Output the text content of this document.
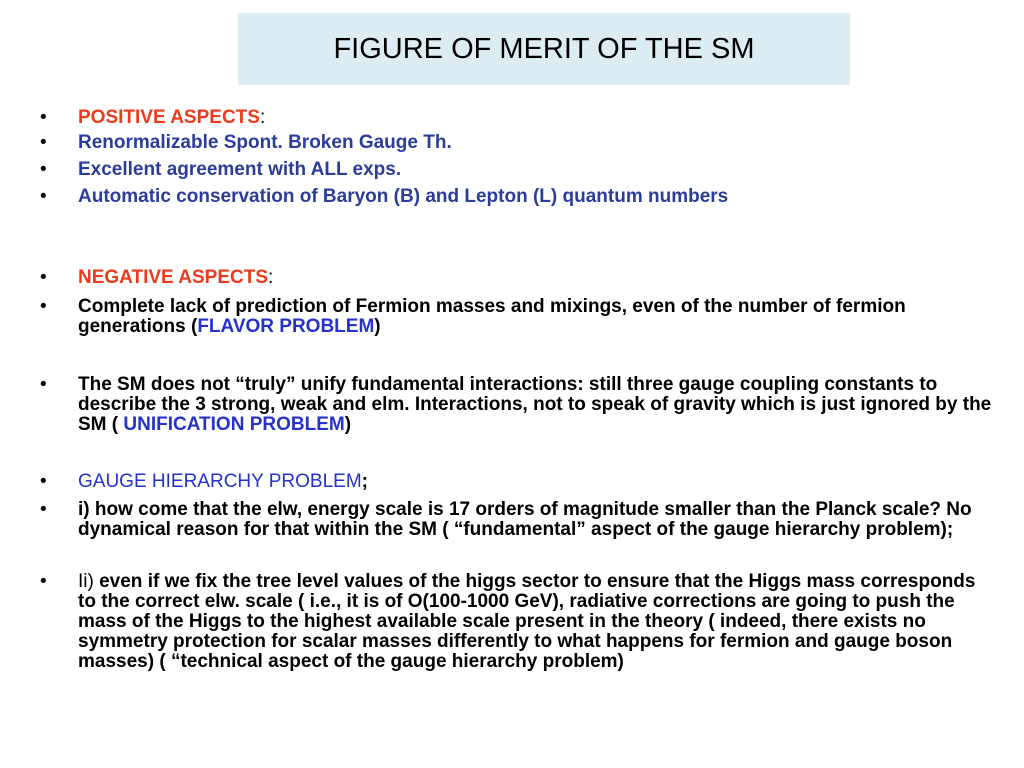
FIGURE OF MERIT OF THE SM
• POSITIVE ASPECTS:
• Renormalizable Spont. Broken Gauge Th.
• Excellent agreement with ALL exps.
• Automatic conservation of Baryon (B) and Lepton (L) quantum numbers
• NEGATIVE ASPECTS:
• Complete lack of prediction of Fermion masses and mixings, even of the number of fermion generations (FLAVOR PROBLEM)
• The SM does not “truly” unify fundamental interactions: still three gauge coupling constants to describe the 3 strong, weak and elm. Interactions, not to speak of gravity which is just ignored by the SM ( UNIFICATION PROBLEM)
• GAUGE HIERARCHY PROBLEM;
• i) how come that the elw, energy scale is 17 orders of magnitude smaller than the Planck scale? No dynamical reason for that within the SM ( “fundamental” aspect of the gauge hierarchy problem);
• Ii) even if we fix the tree level values of the higgs sector to ensure that the Higgs mass corresponds to the correct elw. scale ( i.e., it is of O(100-1000 GeV), radiative corrections are going to push the mass of the Higgs to the highest available scale present in the theory ( indeed, there exists no symmetry protection for scalar masses differently to what happens for fermion and gauge boson masses) ( “technical aspect of the gauge hierarchy problem)
